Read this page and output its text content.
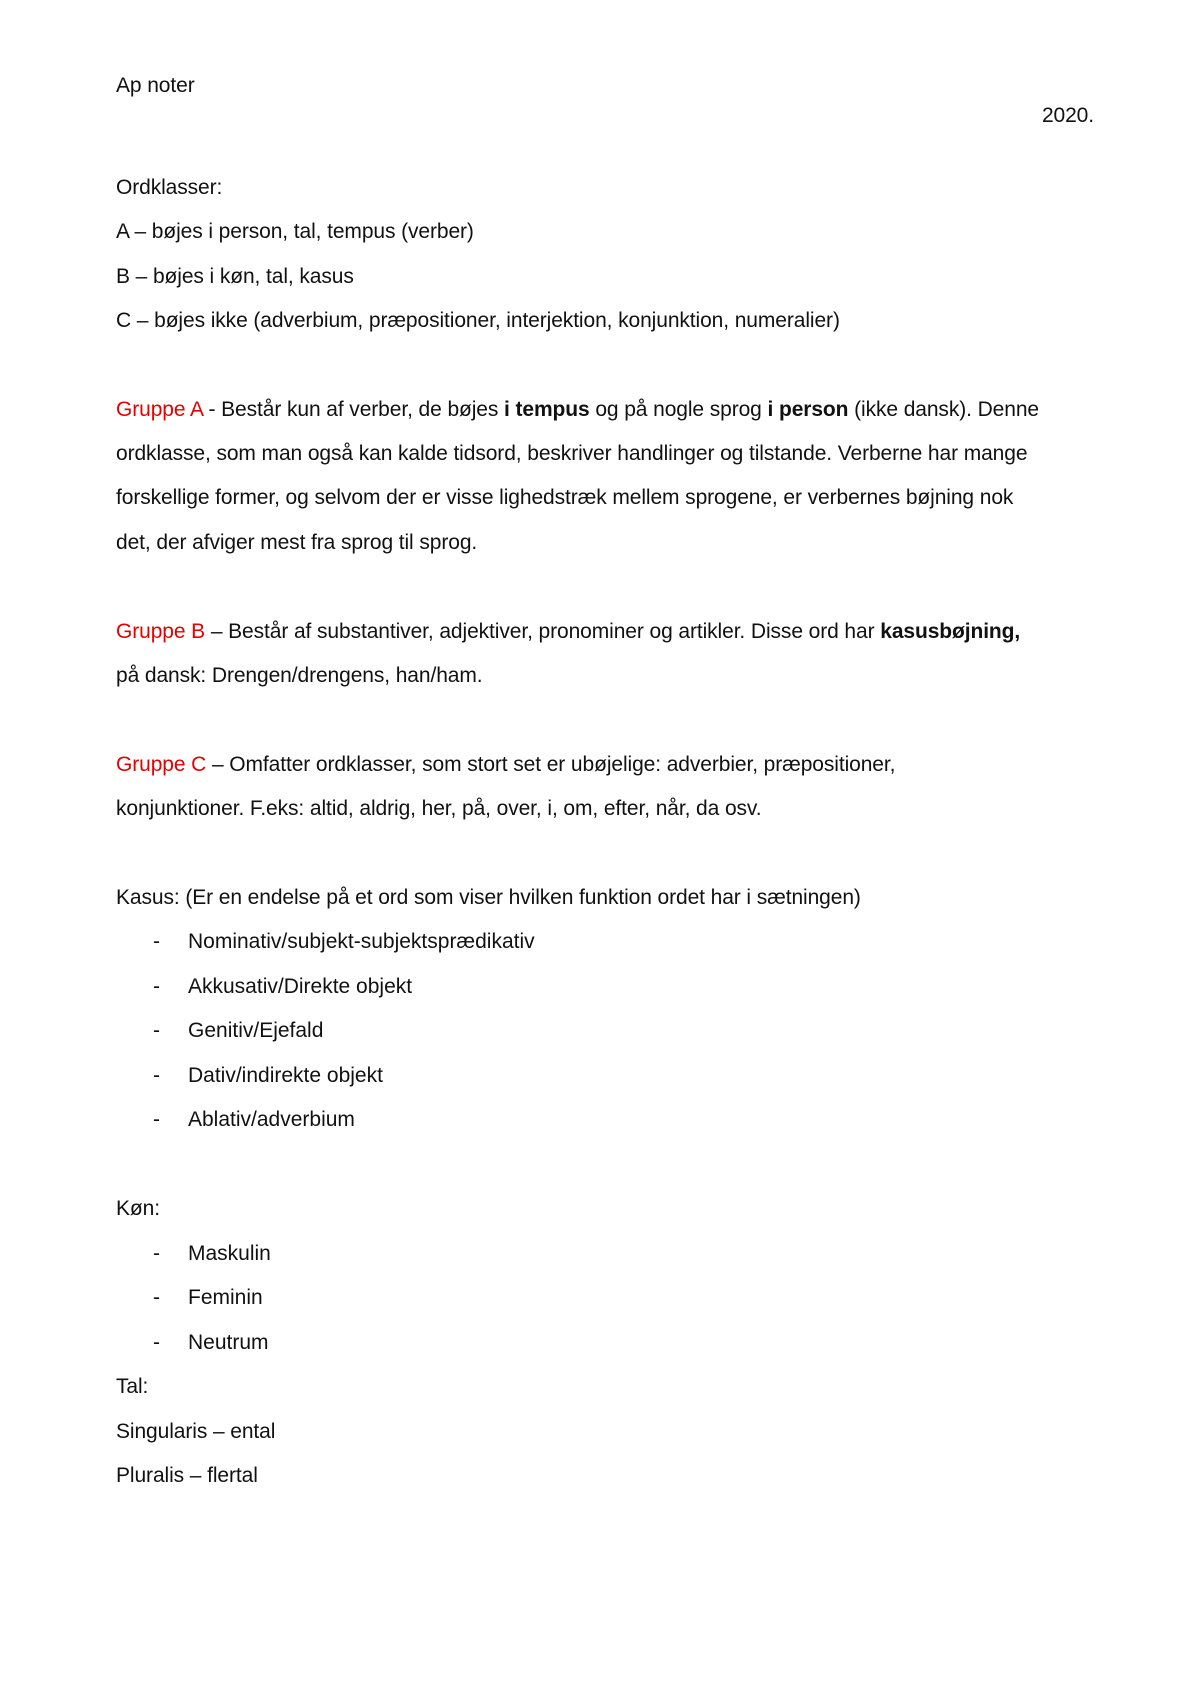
Ap noter
2020.
Ordklasser:
A – bøjes i person, tal, tempus (verber)
B – bøjes i køn, tal, kasus
C – bøjes ikke (adverbium, præpositioner, interjektion, konjunktion, numeralier)
Gruppe A - Består kun af verber, de bøjes i tempus og på nogle sprog i person (ikke dansk). Denne
ordklasse, som man også kan kalde tidsord, beskriver handlinger og tilstande. Verberne har mange
forskellige former, og selvom der er visse lighedstræk mellem sprogene, er verbernes bøjning nok
det, der afviger mest fra sprog til sprog.
Gruppe B – Består af substantiver, adjektiver, pronominer og artikler. Disse ord har kasusbøjning,
på dansk: Drengen/drengens, han/ham.
Gruppe C – Omfatter ordklasser, som stort set er ubøjelige: adverbier, præpositioner,
konjunktioner. F.eks: altid, aldrig, her, på, over, i, om, efter, når, da osv.
Kasus: (Er en endelse på et ord som viser hvilken funktion ordet har i sætningen)
- Nominativ/subjekt-subjektsprædikativ
- Akkusativ/Direkte objekt
- Genitiv/Ejefald
- Dativ/indirekte objekt
- Ablativ/adverbium
Køn:
- Maskulin
- Feminin
- Neutrum
Tal:
Singularis – ental
Pluralis – flertal
